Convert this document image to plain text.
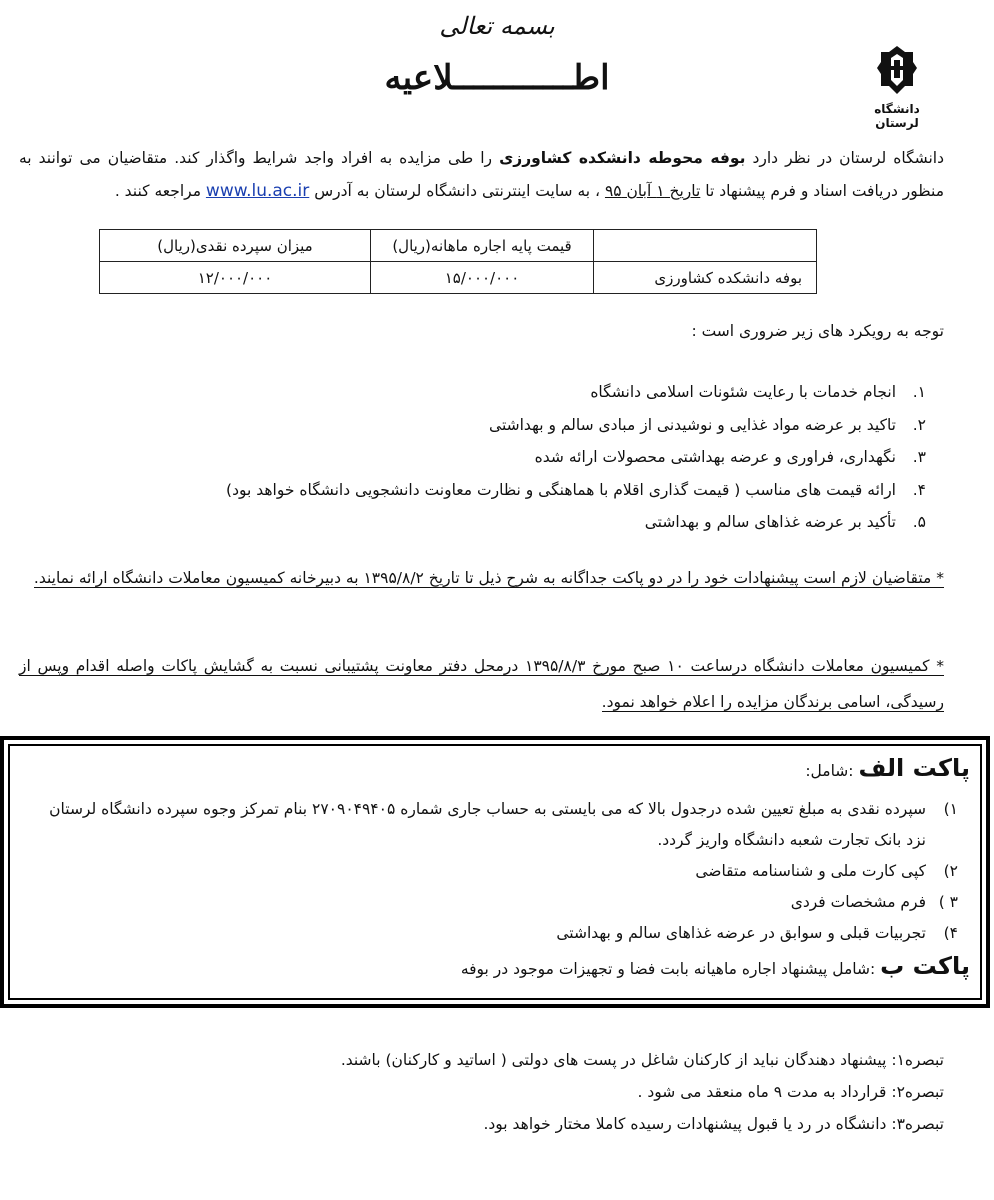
بسمه تعالی
اطــــــــــــلاعیه
دانشگاه لرستان
دانشگاه لرستان در نظر دارد بوفه محوطه دانشکده کشاورزی را طی مزایده به افراد واجد شرایط واگذار کند. متقاضیان می توانند به منظور دریافت اسناد و فرم پیشنهاد تا تاریخ ۱ آبان ۹۵ ، به سایت اینترنتی دانشگاه لرستان به آدرس www.lu.ac.ir مراجعه کنند .
	قیمت پایه اجاره ماهانه(ریال)	میزان سپرده نقدی(ریال)
بوفه دانشکده کشاورزی	۱۵/۰۰۰/۰۰۰	۱۲/۰۰۰/۰۰۰
توجه به رویکرد های زیر ضروری است :
۱.
انجام خدمات با رعایت شئونات اسلامی دانشگاه
۲.
تاکید بر عرضه مواد غذایی و نوشیدنی از مبادی سالم و بهداشتی
۳.
نگهداری، فراوری و عرضه بهداشتی محصولات ارائه شده
۴.
ارائه قیمت های مناسب ( قیمت گذاری اقلام با هماهنگی و نظارت معاونت دانشجویی دانشگاه خواهد بود)
۵.
تأکید بر عرضه غذاهای سالم و بهداشتی
* متقاضیان لازم است پیشنهادات خود را در دو پاکت جداگانه به شرح ذیل تا تاریخ ۱۳۹۵/۸/۲ به دبیرخانه کمیسیون معاملات دانشگاه ارائه نمایند.
* کمیسیون معاملات دانشگاه درساعت ۱۰ صبح مورخ ۱۳۹۵/۸/۳ درمحل دفتر معاونت پشتیبانی نسبت به گشایش پاکات واصله اقدام وپس از رسیدگی، اسامی برندگان مزایده را اعلام خواهد نمود.
پاکت الف :شامل:
۱)
سپرده نقدی به مبلغ تعیین شده درجدول بالا که می بایستی به حساب جاری شماره ۲۷۰۹۰۴۹۴۰۵ بنام تمرکز وجوه سپرده دانشگاه لرستان نزد بانک تجارت شعبه دانشگاه واریز گردد.
۲)
کپی کارت ملی و شناسنامه متقاضی
۳ )
فرم مشخصات فردی
۴)
تجربیات قبلی و سوابق در عرضه غذاهای سالم و بهداشتی
پاکت ب :شامل پیشنهاد اجاره ماهیانه بابت فضا و تجهیزات موجود در بوفه
تبصره۱: پیشنهاد دهندگان نباید از کارکنان شاغل در پست های دولتی ( اساتید و کارکنان) باشند.
تبصره۲: قرارداد به مدت ۹ ماه منعقد می شود .
تبصره۳: دانشگاه در رد یا قبول پیشنهادات رسیده کاملا مختار خواهد بود.
